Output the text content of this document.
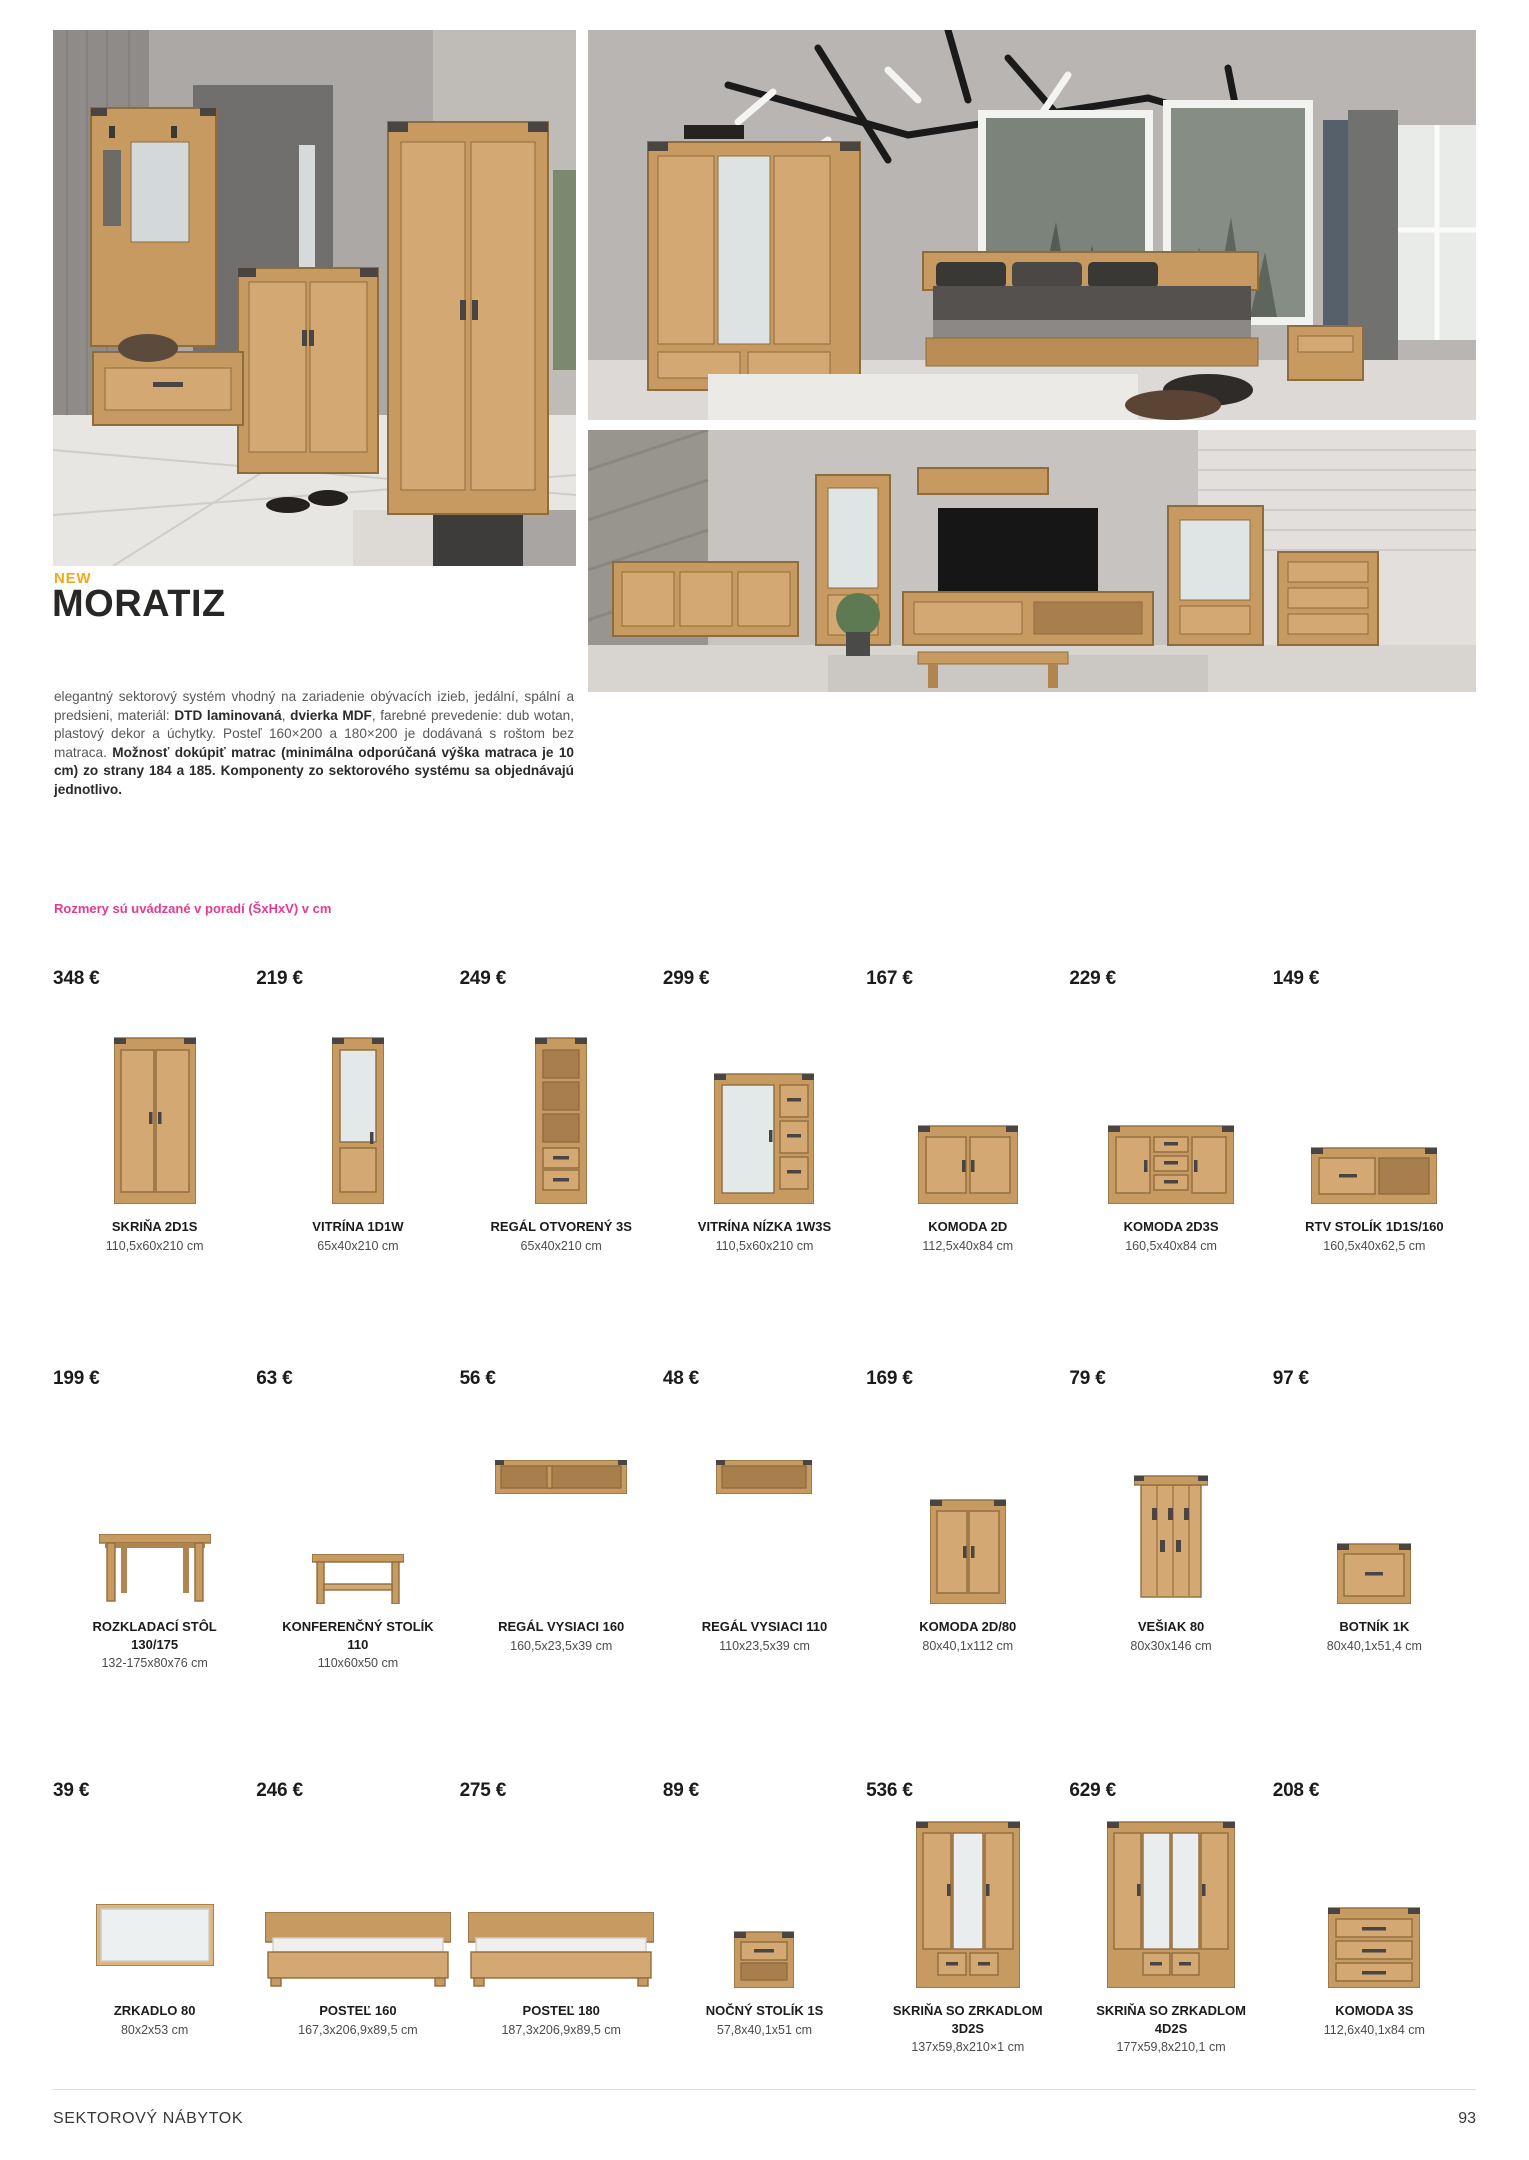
NEW
MORATIZ

elegantný sektorový systém vhodný na zariadenie obývacích izieb, jedální, spální a predsieni, materiál: DTD laminovaná, dvierka MDF, farebné prevedenie: dub wotan, plastový dekor a úchytky. Posteľ 160×200 a 180×200 je dodávaná s roštom bez matraca. Možnosť dokúpiť matrac (minimálna odporúčaná výška matraca je 10 cm) zo strany 184 a 185. Komponenty zo sektorového systému sa objednávajú jednotlivo.

Rozmery sú uvádzané v poradí (ŠxHxV) v cm

348 €
SKRIŇA 2D1S
110,5x60x210 cm
219 €
VITRÍNA 1D1W
65x40x210 cm
249 €
REGÁL OTVORENÝ 3S
65x40x210 cm
299 €
VITRÍNA NÍZKA 1W3S
110,5x60x210 cm
167 €
KOMODA 2D
112,5x40x84 cm
229 €
KOMODA 2D3S
160,5x40x84 cm
149 €
RTV STOLÍK 1D1S/160
160,5x40x62,5 cm
199 €
ROZKLADACÍ STÔL
130/175
132-175x80x76 cm
63 €
KONFERENČNÝ STOLÍK
110
110x60x50 cm
56 €
REGÁL VYSIACI 160
160,5x23,5x39 cm
48 €
REGÁL VYSIACI 110
110x23,5x39 cm
169 €
KOMODA 2D/80
80x40,1x112 cm
79 €
VEŠIAK 80
80x30x146 cm
97 €
BOTNÍK 1K
80x40,1x51,4 cm
39 €
ZRKADLO 80
80x2x53 cm
246 €
POSTEĽ 160
167,3x206,9x89,5 cm
275 €
POSTEĽ 180
187,3x206,9x89,5 cm
89 €
NOČNÝ STOLÍK 1S
57,8x40,1x51 cm
536 €
SKRIŇA SO ZRKADLOM
3D2S
137x59,8x210×1 cm
629 €
SKRIŇA SO ZRKADLOM
4D2S
177x59,8x210,1 cm
208 €
KOMODA 3S
112,6x40,1x84 cm
SEKTOROVÝ NÁBYTOK	93
